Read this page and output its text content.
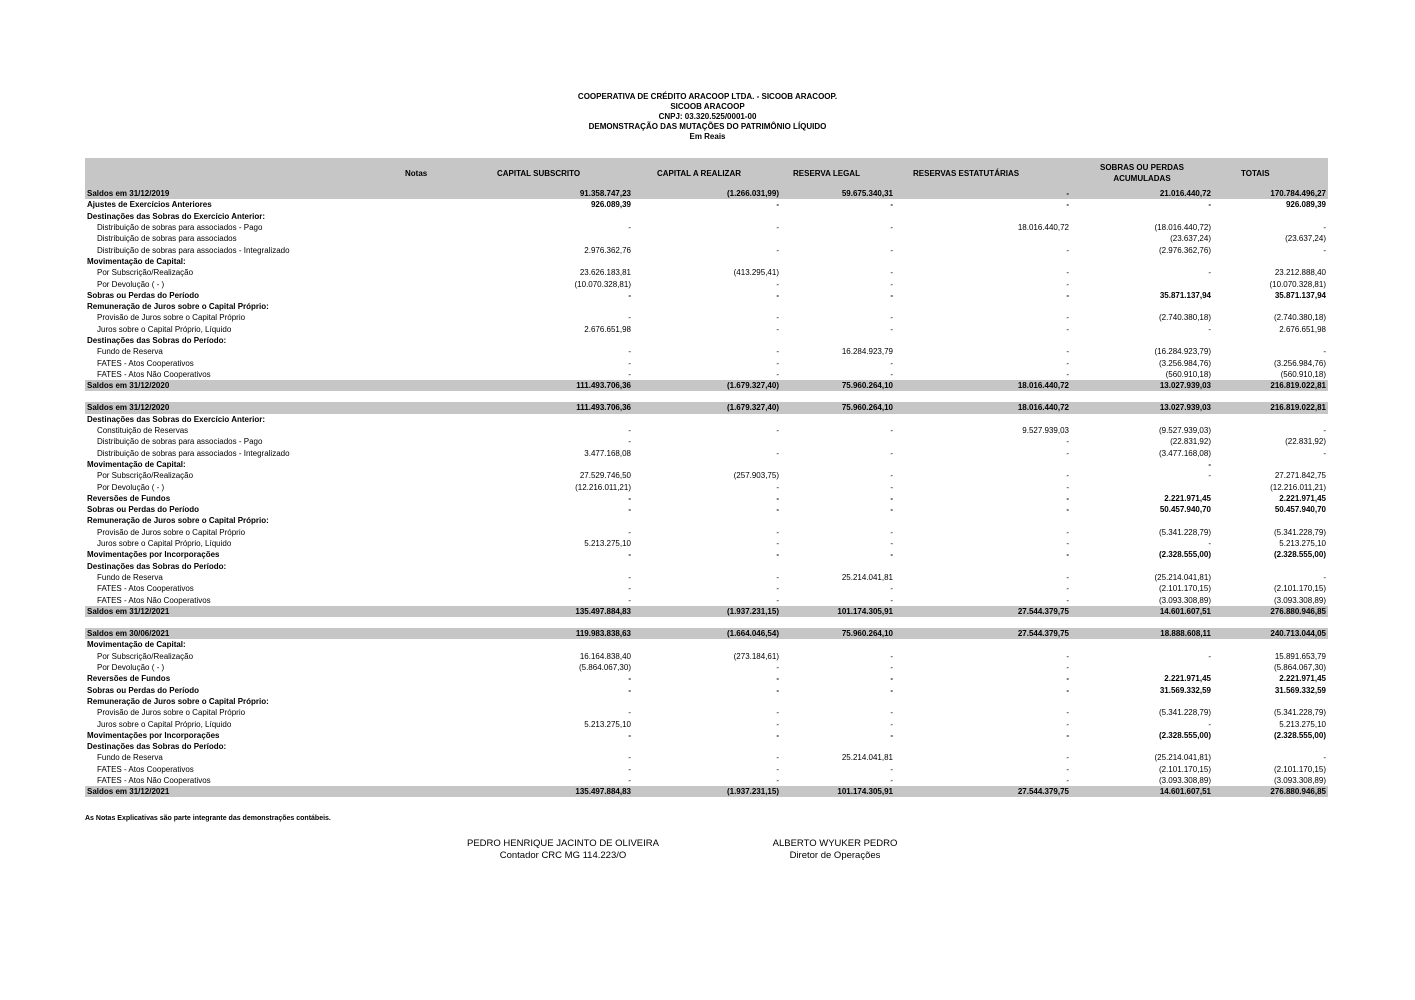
COOPERATIVA DE CRÉDITO ARACOOP LTDA. - SICOOB ARACOOP.
SICOOB ARACOOP
CNPJ: 03.320.525/0001-00
DEMONSTRAÇÃO DAS MUTAÇÕES DO PATRIMÔNIO LÍQUIDO
Em Reais
	Notas	CAPITAL SUBSCRITO	CAPITAL A REALIZAR	RESERVA LEGAL	RESERVAS ESTATUTÁRIAS	SOBRAS OU PERDAS
ACUMULADAS	TOTAIS
Saldos em 31/12/2019		91.358.747,23	(1.266.031,99)	59.675.340,31	-	21.016.440,72	170.784.496,27
Ajustes de Exercícios Anteriores		926.089,39	-	-	-	-	926.089,39
Destinações das Sobras do Exercício Anterior:							
Distribuição de sobras para associados - Pago		-	-	-	18.016.440,72	(18.016.440,72)	-
Distribuição de sobras para associados						(23.637,24)	(23.637,24)
Distribuição de sobras para associados - Integralizado		2.976.362,76	-	-	-	(2.976.362,76)	-
Movimentação de Capital:							
Por Subscrição/Realização		23.626.183,81	(413.295,41)	-	-	-	23.212.888,40
Por Devolução ( - )		(10.070.328,81)	-	-	-		(10.070.328,81)
Sobras ou Perdas do Período		-	-	-	-	35.871.137,94	35.871.137,94
Remuneração de Juros sobre o Capital Próprio:							
Provisão de Juros sobre o Capital Próprio		-	-	-	-	(2.740.380,18)	(2.740.380,18)
Juros sobre o Capital Próprio, Líquido		2.676.651,98	-	-	-	-	2.676.651,98
Destinações das Sobras do Período:							
Fundo de Reserva		-	-	16.284.923,79	-	(16.284.923,79)	-
FATES - Atos Cooperativos		-	-	-	-	(3.256.984,76)	(3.256.984,76)
FATES - Atos Não Cooperativos		-	-	-	-	(560.910,18)	(560.910,18)
Saldos em 31/12/2020		111.493.706,36	(1.679.327,40)	75.960.264,10	18.016.440,72	13.027.939,03	216.819.022,81

Saldos em 31/12/2020		111.493.706,36	(1.679.327,40)	75.960.264,10	18.016.440,72	13.027.939,03	216.819.022,81
Destinações das Sobras do Exercício Anterior:							
Constituição de Reservas		-	-	-	9.527.939,03	(9.527.939,03)	-
Distribuição de sobras para associados - Pago		-			-	(22.831,92)	(22.831,92)
Distribuição de sobras para associados - Integralizado		3.477.168,08	-	-	-	(3.477.168,08)	-
Movimentação de Capital:						-	
Por Subscrição/Realização		27.529.746,50	(257.903,75)	-	-	-	27.271.842,75
Por Devolução ( - )		(12.216.011,21)	-	-	-		(12.216.011,21)
Reversões de Fundos		-	-	-	-	2.221.971,45	2.221.971,45
Sobras ou Perdas do Período		-	-	-	-	50.457.940,70	50.457.940,70
Remuneração de Juros sobre o Capital Próprio:							
Provisão de Juros sobre o Capital Próprio		-	-	-	-	(5.341.228,79)	(5.341.228,79)
Juros sobre o Capital Próprio, Líquido		5.213.275,10	-	-	-	-	5.213.275,10
Movimentações por Incorporações		-	-	-	-	(2.328.555,00)	(2.328.555,00)
Destinações das Sobras do Período:							
Fundo de Reserva		-	-	25.214.041,81	-	(25.214.041,81)	-
FATES - Atos Cooperativos		-	-	-	-	(2.101.170,15)	(2.101.170,15)
FATES - Atos Não Cooperativos		-	-	-	-	(3.093.308,89)	(3.093.308,89)
Saldos em 31/12/2021		135.497.884,83	(1.937.231,15)	101.174.305,91	27.544.379,75	14.601.607,51	276.880.946,85

Saldos em 30/06/2021		119.983.838,63	(1.664.046,54)	75.960.264,10	27.544.379,75	18.888.608,11	240.713.044,05
Movimentação de Capital:							
Por Subscrição/Realização		16.164.838,40	(273.184,61)	-	-	-	15.891.653,79
Por Devolução ( - )		(5.864.067,30)	-	-	-		(5.864.067,30)
Reversões de Fundos		-	-	-	-	2.221.971,45	2.221.971,45
Sobras ou Perdas do Período		-	-	-	-	31.569.332,59	31.569.332,59
Remuneração de Juros sobre o Capital Próprio:							
Provisão de Juros sobre o Capital Próprio		-	-	-	-	(5.341.228,79)	(5.341.228,79)
Juros sobre o Capital Próprio, Líquido		5.213.275,10	-	-	-	-	5.213.275,10
Movimentações por Incorporações		-	-	-	-	(2.328.555,00)	(2.328.555,00)
Destinações das Sobras do Período:							
Fundo de Reserva		-	-	25.214.041,81	-	(25.214.041,81)	-
FATES - Atos Cooperativos		-	-	-	-	(2.101.170,15)	(2.101.170,15)
FATES - Atos Não Cooperativos		-	-	-	-	(3.093.308,89)	(3.093.308,89)
Saldos em 31/12/2021		135.497.884,83	(1.937.231,15)	101.174.305,91	27.544.379,75	14.601.607,51	276.880.946,85
As Notas Explicativas são parte integrante das demonstrações contábeis.
PEDRO HENRIQUE JACINTO DE OLIVEIRA
Contador CRC MG 114.223/O
ALBERTO WYUKER PEDRO
Diretor de Operações
